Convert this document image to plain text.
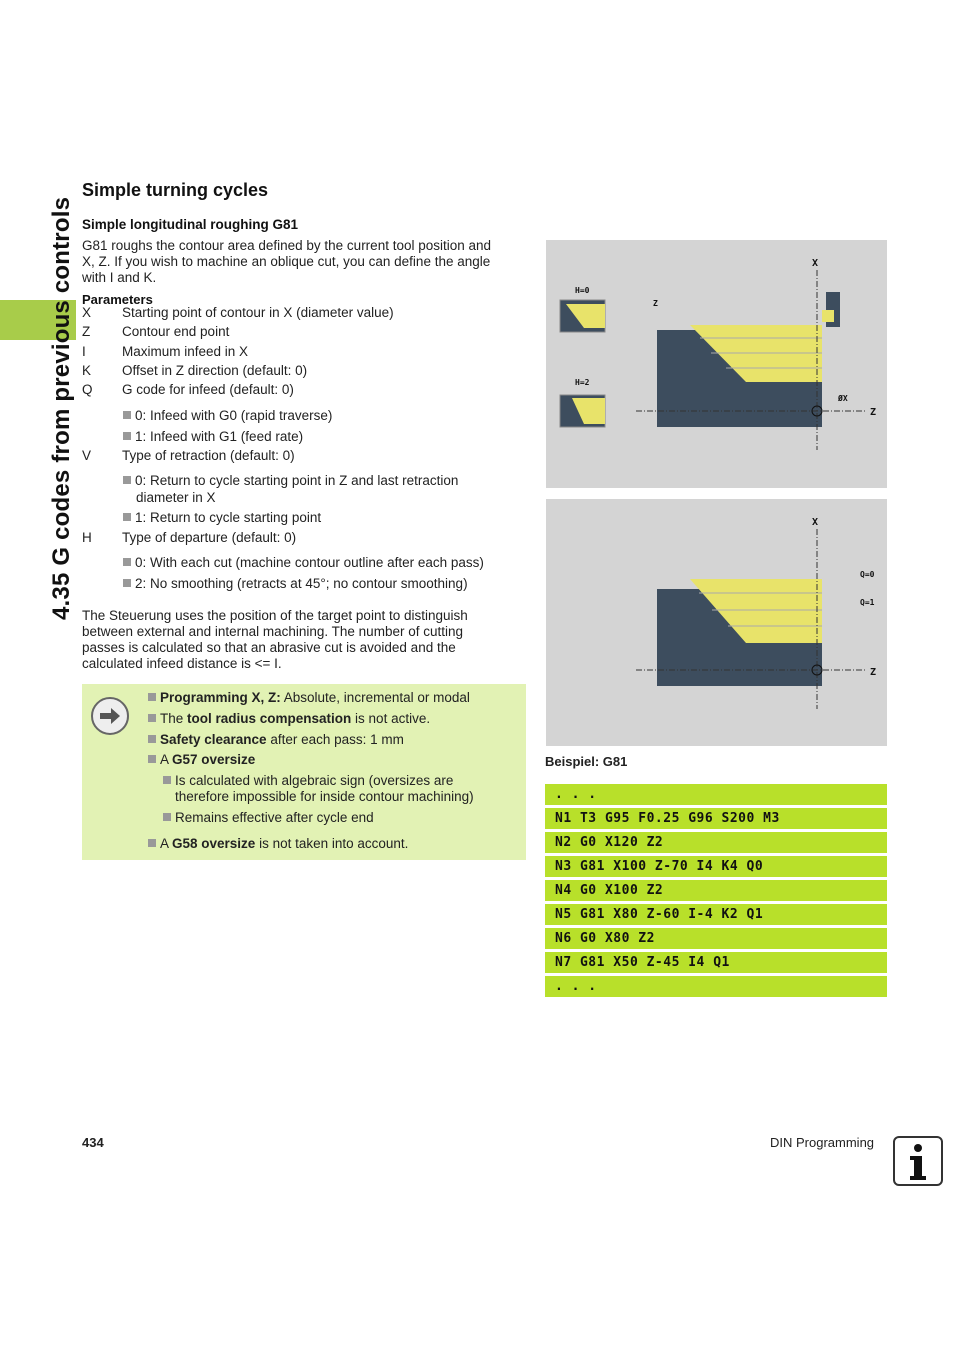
4.35 G codes from previous controls
Simple turning cycles
Simple longitudinal roughing G81
G81 roughs the contour area defined by the current tool position and
X, Z. If you wish to machine an oblique cut, you can define the angle
with I and K.
Parameters
X Starting point of contour in X (diameter value)
Z Contour end point
I	Maximum infeed in X
K Offset in Z direction (default: 0)
Q G code for infeed (default: 0)
0: Infeed with G0 (rapid traverse)
1: Infeed with G1 (feed rate)
V Type of retraction (default: 0)
0: Return to cycle starting point in Z and last retraction
diameter in X
1: Return to cycle starting point
H Type of departure (default: 0)
0: With each cut (machine contour outline after each pass)
2: No smoothing (retracts at 45°; no contour smoothing)
The Steuerung uses the position of the target point to distinguish
between external and internal machining. The number of cutting
passes is calculated so that an abrasive cut is avoided and the
calculated infeed distance is <= I.
Programming X, Z: Absolute, incremental or modal
The tool radius compensation is not active.
Safety clearance after each pass: 1 mm
A G57 oversize
Is calculated with algebraic sign (oversizes are
therefore impossible for inside contour machining)
Remains effective after cycle end
A G58 oversize is not taken into account.
H=0
H=2
X
Z
Z
ØX
X
Z
Q=0
Q=1
Beispiel: G81
. . .
N1 T3 G95 F0.25 G96 S200 M3
N2 G0 X120 Z2
N3 G81 X100 Z-70 I4 K4 Q0
N4 G0 X100 Z2
N5 G81 X80 Z-60 I-4 K2 Q1
N6 G0 X80 Z2
N7 G81 X50 Z-45 I4 Q1
. . .
434	DIN Programming
